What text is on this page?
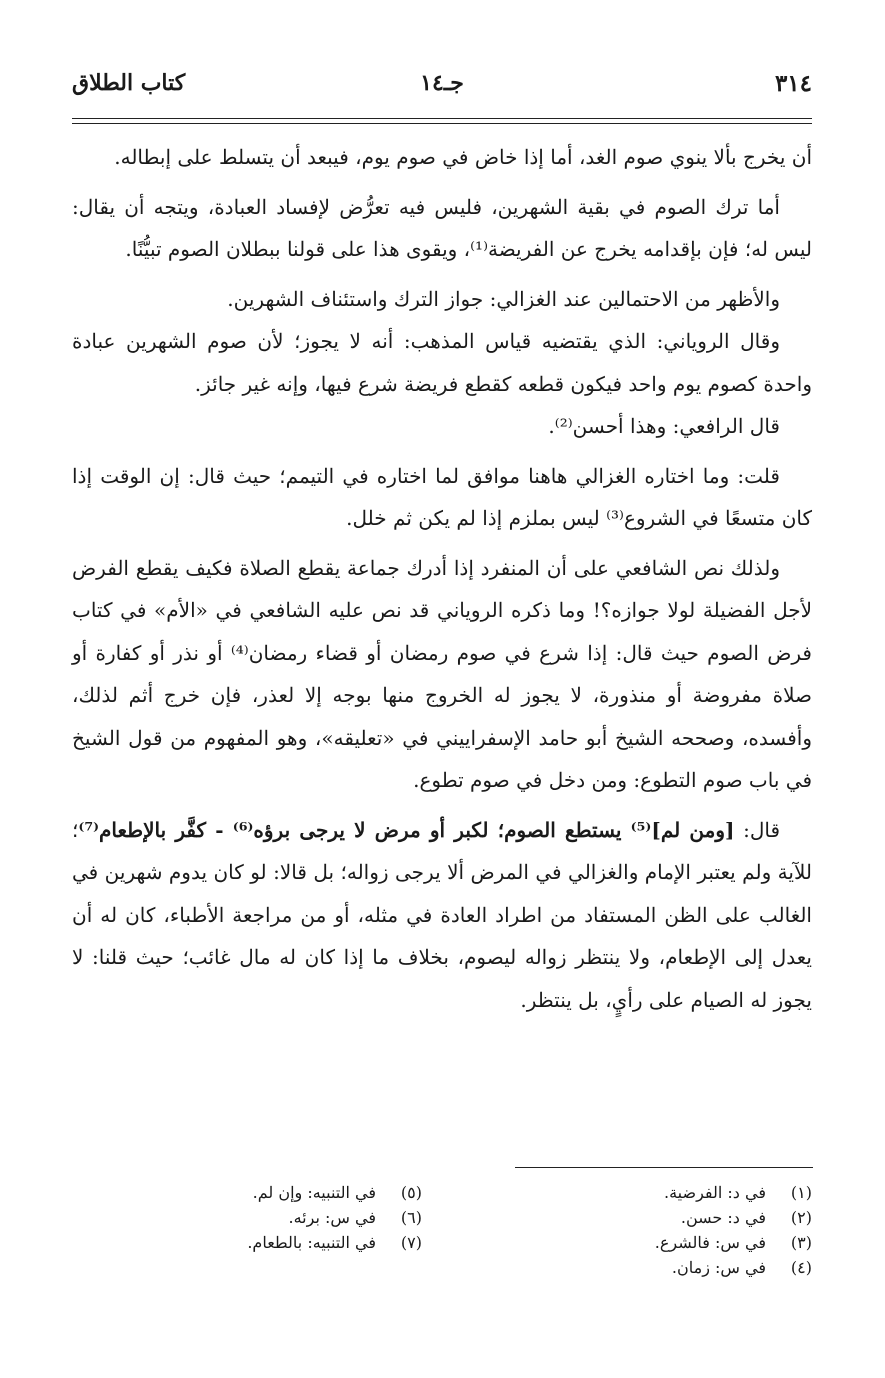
٣١٤
جـ١٤
كتاب الطلاق

أن يخرج بألا ينوي صوم الغد، أما إذا خاض في صوم يوم، فيبعد أن يتسلط على إبطاله.

أما ترك الصوم في بقية الشهرين، فليس فيه تعرُّض لإفساد العبادة، ويتجه أن يقال: ليس له؛ فإن بإقدامه يخرج عن الفريضة⁽¹⁾، ويقوى هذا على قولنا ببطلان الصوم تبيُّنًا.

والأظهر من الاحتمالين عند الغزالي: جواز الترك واستئناف الشهرين.

وقال الروياني: الذي يقتضيه قياس المذهب: أنه لا يجوز؛ لأن صوم الشهرين عبادة واحدة كصوم يوم واحد فيكون قطعه كقطع فريضة شرع فيها، وإنه غير جائز.

قال الرافعي: وهذا أحسن⁽²⁾.

قلت: وما اختاره الغزالي هاهنا موافق لما اختاره في التيمم؛ حيث قال: إن الوقت إذا كان متسعًا في الشروع⁽³⁾ ليس بملزم إذا لم يكن ثم خلل.

ولذلك نص الشافعي على أن المنفرد إذا أدرك جماعة يقطع الصلاة فكيف يقطع الفرض لأجل الفضيلة لولا جوازه؟! وما ذكره الروياني قد نص عليه الشافعي في «الأم» في كتاب فرض الصوم حيث قال: إذا شرع في صوم رمضان أو قضاء رمضان⁽⁴⁾ أو نذر أو كفارة أو صلاة مفروضة أو منذورة، لا يجوز له الخروج منها بوجه إلا لعذر، فإن خرج أثم لذلك، وأفسده، وصححه الشيخ أبو حامد الإسفراييني في «تعليقه»، وهو المفهوم من قول الشيخ في باب صوم التطوع: ومن دخل في صوم تطوع.

قال: [ومن لم]⁽⁵⁾ يستطع الصوم؛ لكبر أو مرض لا يرجى برؤه⁽⁶⁾ - كفَّر بالإطعام⁽⁷⁾؛ للآية ولم يعتبر الإمام والغزالي في المرض ألا يرجى زواله؛ بل قالا: لو كان يدوم شهرين في الغالب على الظن المستفاد من اطراد العادة في مثله، أو من مراجعة الأطباء، كان له أن يعدل إلى الإطعام، ولا ينتظر زواله ليصوم، بخلاف ما إذا كان له مال غائب؛ حيث قلنا: لا يجوز له الصيام على رأيٍ، بل ينتظر.

(١)في د: الفرضية.
(٢)في د: حسن.
(٣)في س: فالشرع.
(٤)في س: زمان.
(٥)في التنبيه: وإن لم.
(٦)في س: برئه.
(٧)في التنبيه: بالطعام.
